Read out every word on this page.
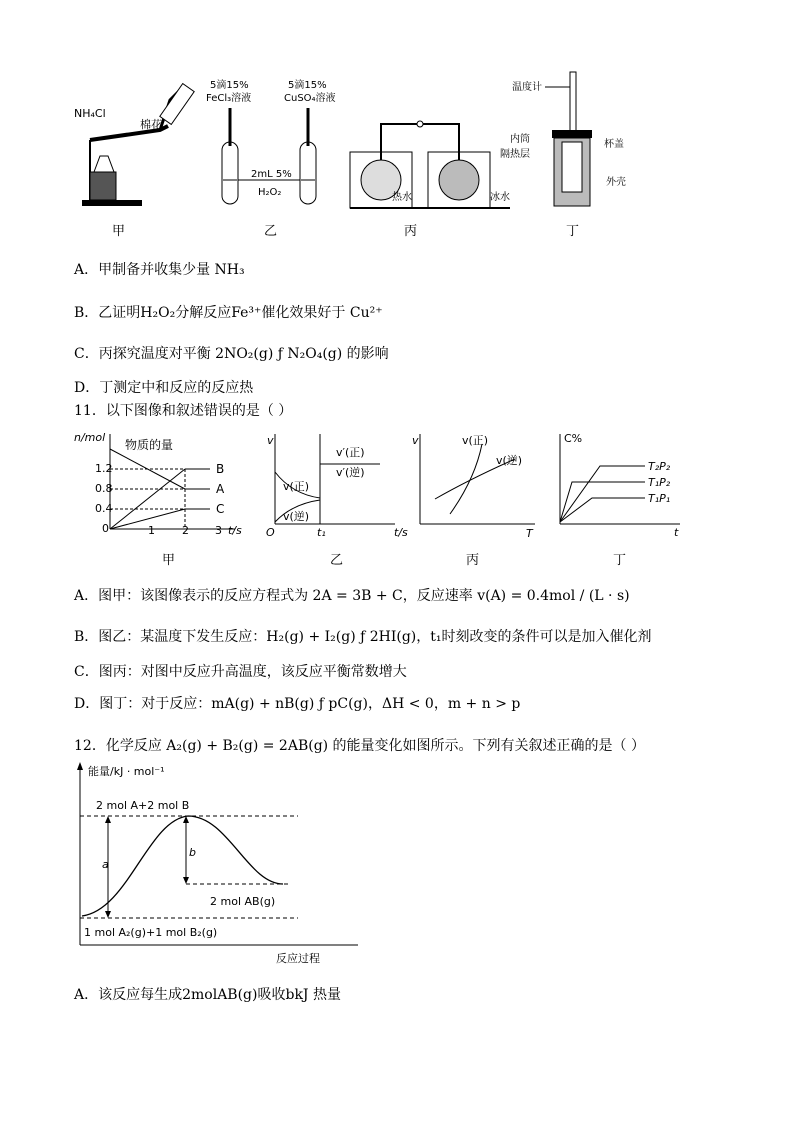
NH₄Cl
棉花
甲
5滴15%
FeCl₃溶液
5滴15%
CuSO₄溶液
2mL 5%
H₂O₂
乙
热水	冰水
丙
温度计
内筒
隔热层
杯盖
外壳
丁
A．甲制备并收集少量 NH₃
B．乙证明H₂O₂分解反应Fe³⁺催化效果好于 Cu²⁺
C．丙探究温度对平衡 2NO₂(g) ƒ N₂O₄(g) 的影响
D．丁测定中和反应的反应热
11．以下图像和叙述错误的是（ ）
n/mol
物质的量
1.2
0.8
0.4
0	1 2 3 t/s
B
A
C
甲
v
O	t₁	t/s
v(正)
v(逆)
v′(正)
v′(逆)
乙
v
T
v(正)
v(逆)
丙
C%
t
T₂P₂
T₁P₂
T₁P₁
丁
A．图甲：该图像表示的反应方程式为 2A = 3B + C，反应速率 v(A) = 0.4mol / (L · s)
B．图乙：某温度下发生反应：H₂(g) + I₂(g) ƒ 2HI(g)，t₁时刻改变的条件可以是加入催化剂
C．图丙：对图中反应升高温度，该反应平衡常数增大
D．图丁：对于反应：mA(g) + nB(g) ƒ pC(g)，ΔH < 0，m + n > p
12．化学反应 A₂(g) + B₂(g) = 2AB(g) 的能量变化如图所示。下列有关叙述正确的是（ ）
能量/kJ · mol⁻¹
反应过程
a
b
2 mol A+2 mol B
2 mol AB(g)
1 mol A₂(g)+1 mol B₂(g)
A．该反应每生成2molAB(g)吸收bkJ 热量
